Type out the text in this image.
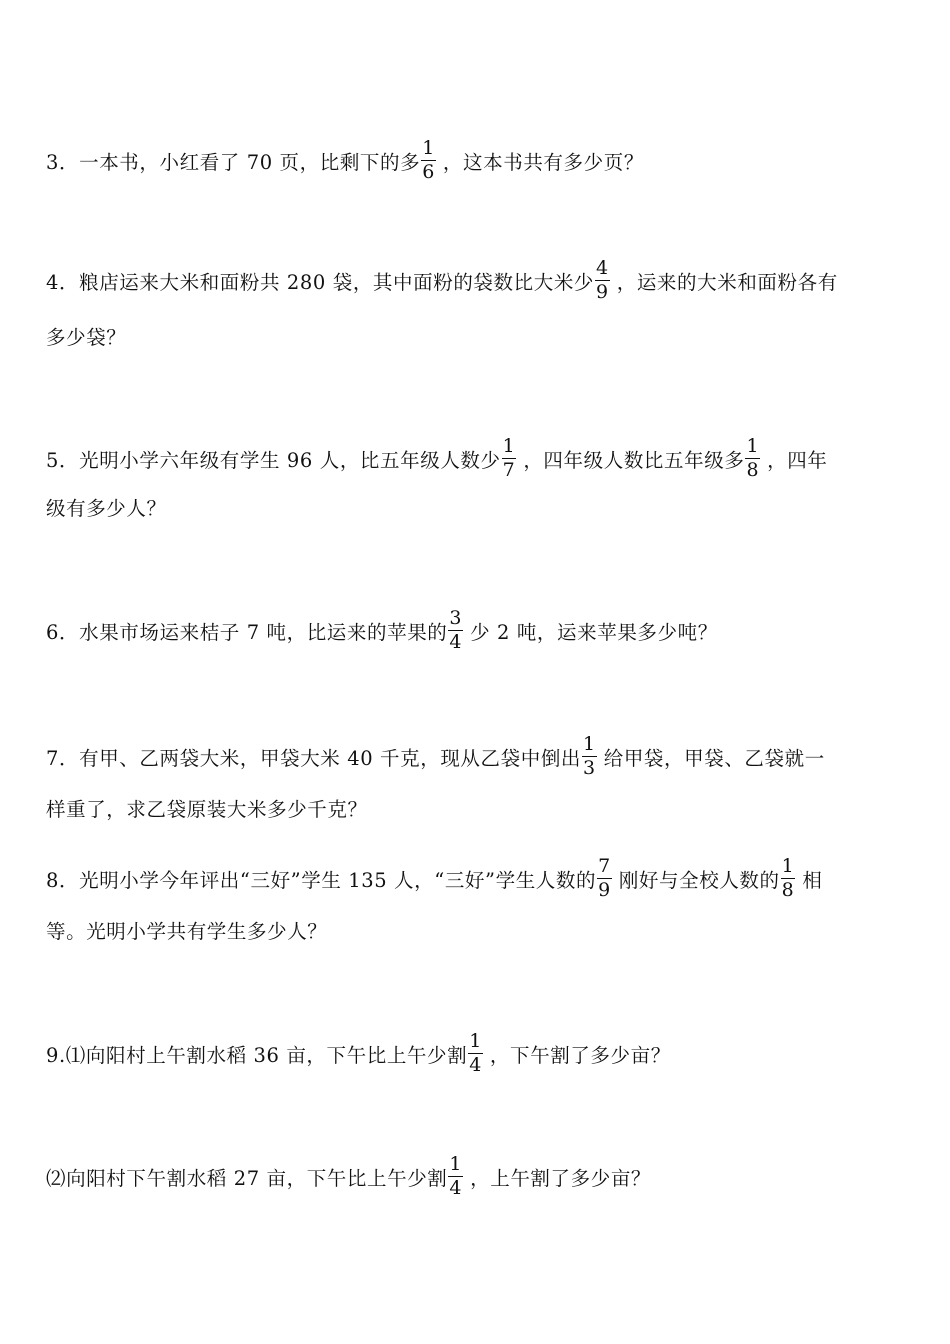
3．一本书，小红看了 70 页，比剩下的多 $\frac{1}{6}$ ，这本书共有多少页？
4．粮店运来大米和面粉共 280 袋，其中面粉的袋数比大米少 $\frac{4}{9}$ ，运来的大米和面粉各有
多少袋？
5．光明小学六年级有学生 96 人，比五年级人数少 $\frac{1}{7}$ ，四年级人数比五年级多 $\frac{1}{8}$ ，四年
级有多少人？
6．水果市场运来桔子 7 吨，比运来的苹果的 $\frac{3}{4}$ 少 2 吨，运来苹果多少吨？
7．有甲、乙两袋大米，甲袋大米 40 千克，现从乙袋中倒出 $\frac{1}{3}$ 给甲袋，甲袋、乙袋就一
样重了，求乙袋原装大米多少千克？
8．光明小学今年评出“三好”学生 135 人，“三好”学生人数的 $\frac{7}{9}$ 刚好与全校人数的 $\frac{1}{8}$ 相
等。光明小学共有学生多少人？
9.⑴向阳村上午割水稻 36 亩，下午比上午少割 $\frac{1}{4}$ ，下午割了多少亩？
⑵向阳村下午割水稻 27 亩，下午比上午少割 $\frac{1}{4}$ ，上午割了多少亩？
